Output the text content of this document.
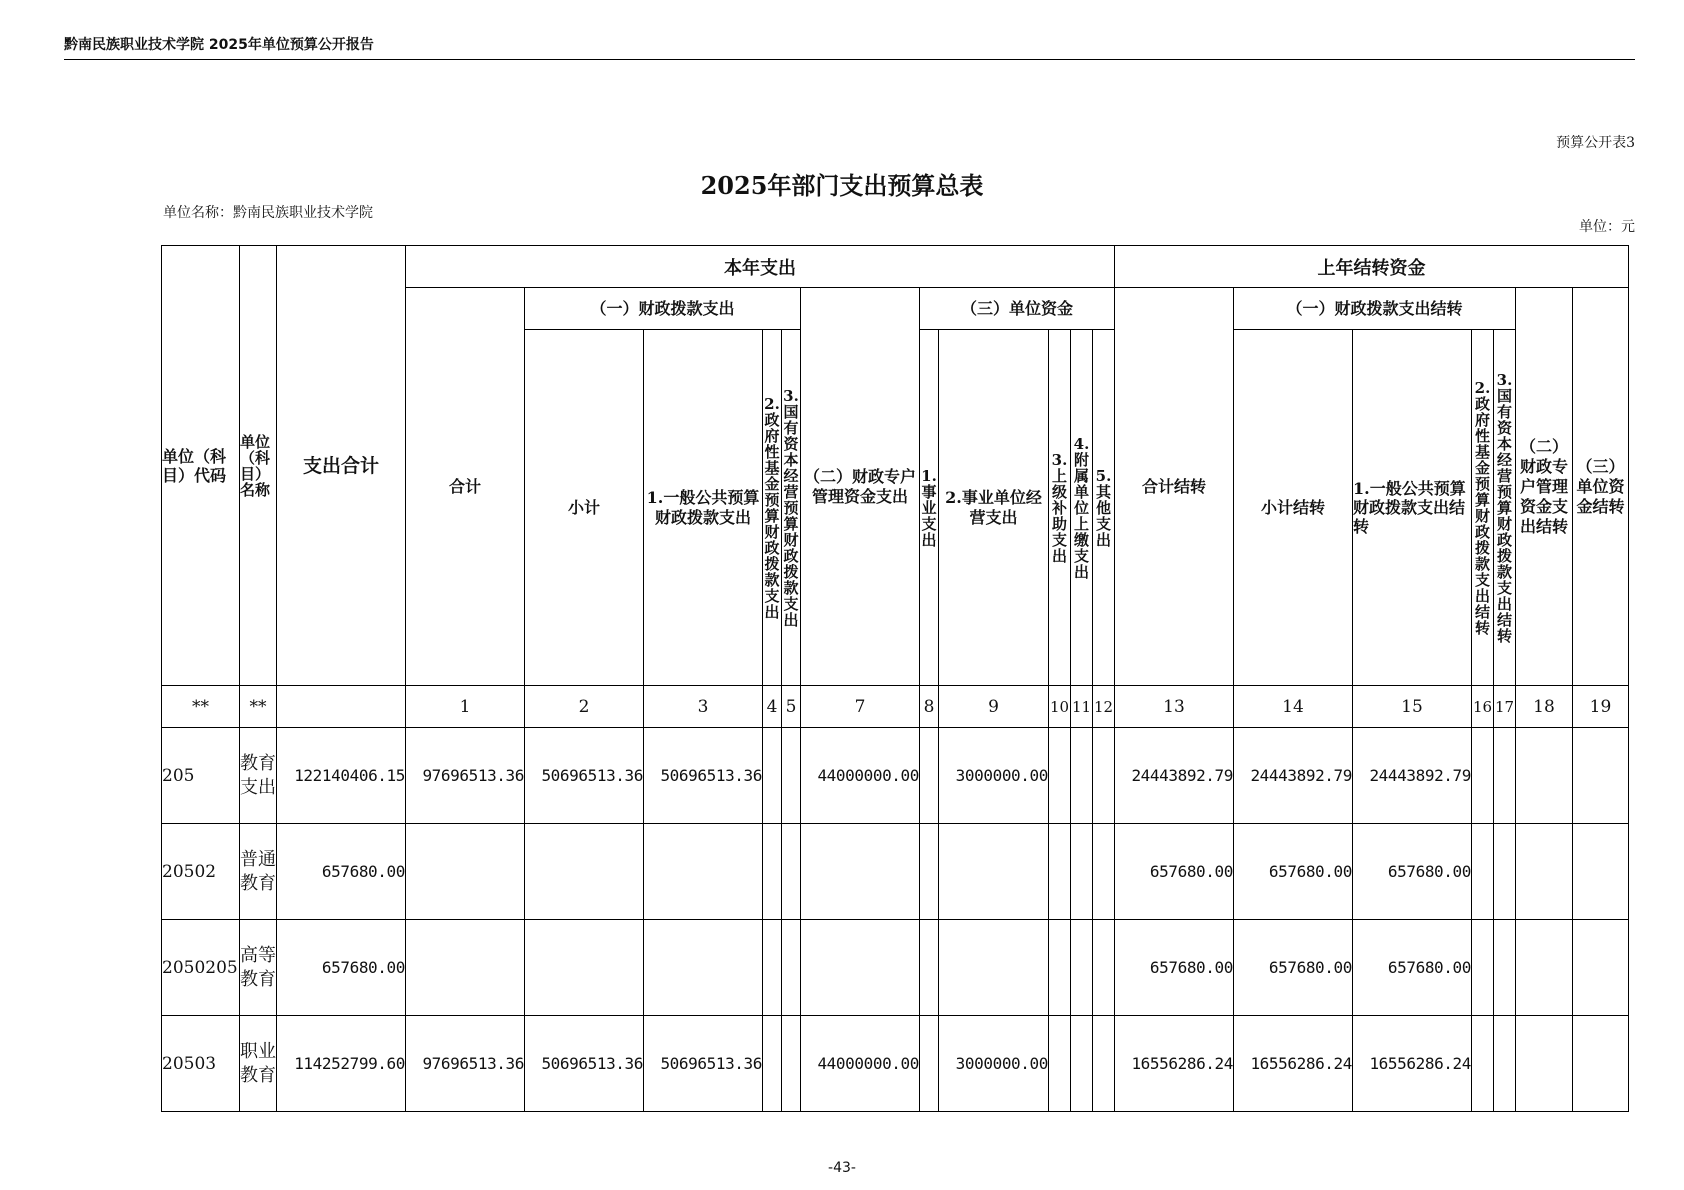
黔南民族职业技术学院 2025年单位预算公开报告
预算公开表3
2025年部门支出预算总表
单位名称：黔南民族职业技术学院
单位：元
单位（科目）代码	单位（科目）名称	支出合计	本年支出											上年结转资金						
			合计	（一）财政拨款支出				（二）财政专户管理资金支出	（三）单位资金					合计结转	（一）财政拨款支出结转				（二）财政专户管理资金支出结转	（三）单位资金结转
				小计	1.一般公共预算财政拨款支出	2.政府性基金预算财政拨款支出	3.国有资本经营预算财政拨款支出		1.事业支出	2.事业单位经营支出	3.上级补助支出	4.附属单位上缴支出	5.其他支出		小计结转	1.一般公共预算财政拨款支出结转	2.政府性基金预算财政拨款支出结转	3.国有资本经营预算财政拨款支出结转		
**	**		1	2	3	4	5	7	8	9	10	11	12	13	14	15	16	17	18	19
205	教育支出	122140406.15	97696513.36	50696513.36	50696513.36			44000000.00		3000000.00				24443892.79	24443892.79	24443892.79				
20502	普通教育	657680.00												657680.00	657680.00	657680.00				
2050205	高等教育	657680.00												657680.00	657680.00	657680.00				
20503	职业教育	114252799.60	97696513.36	50696513.36	50696513.36			44000000.00		3000000.00				16556286.24	16556286.24	16556286.24				
-43-
